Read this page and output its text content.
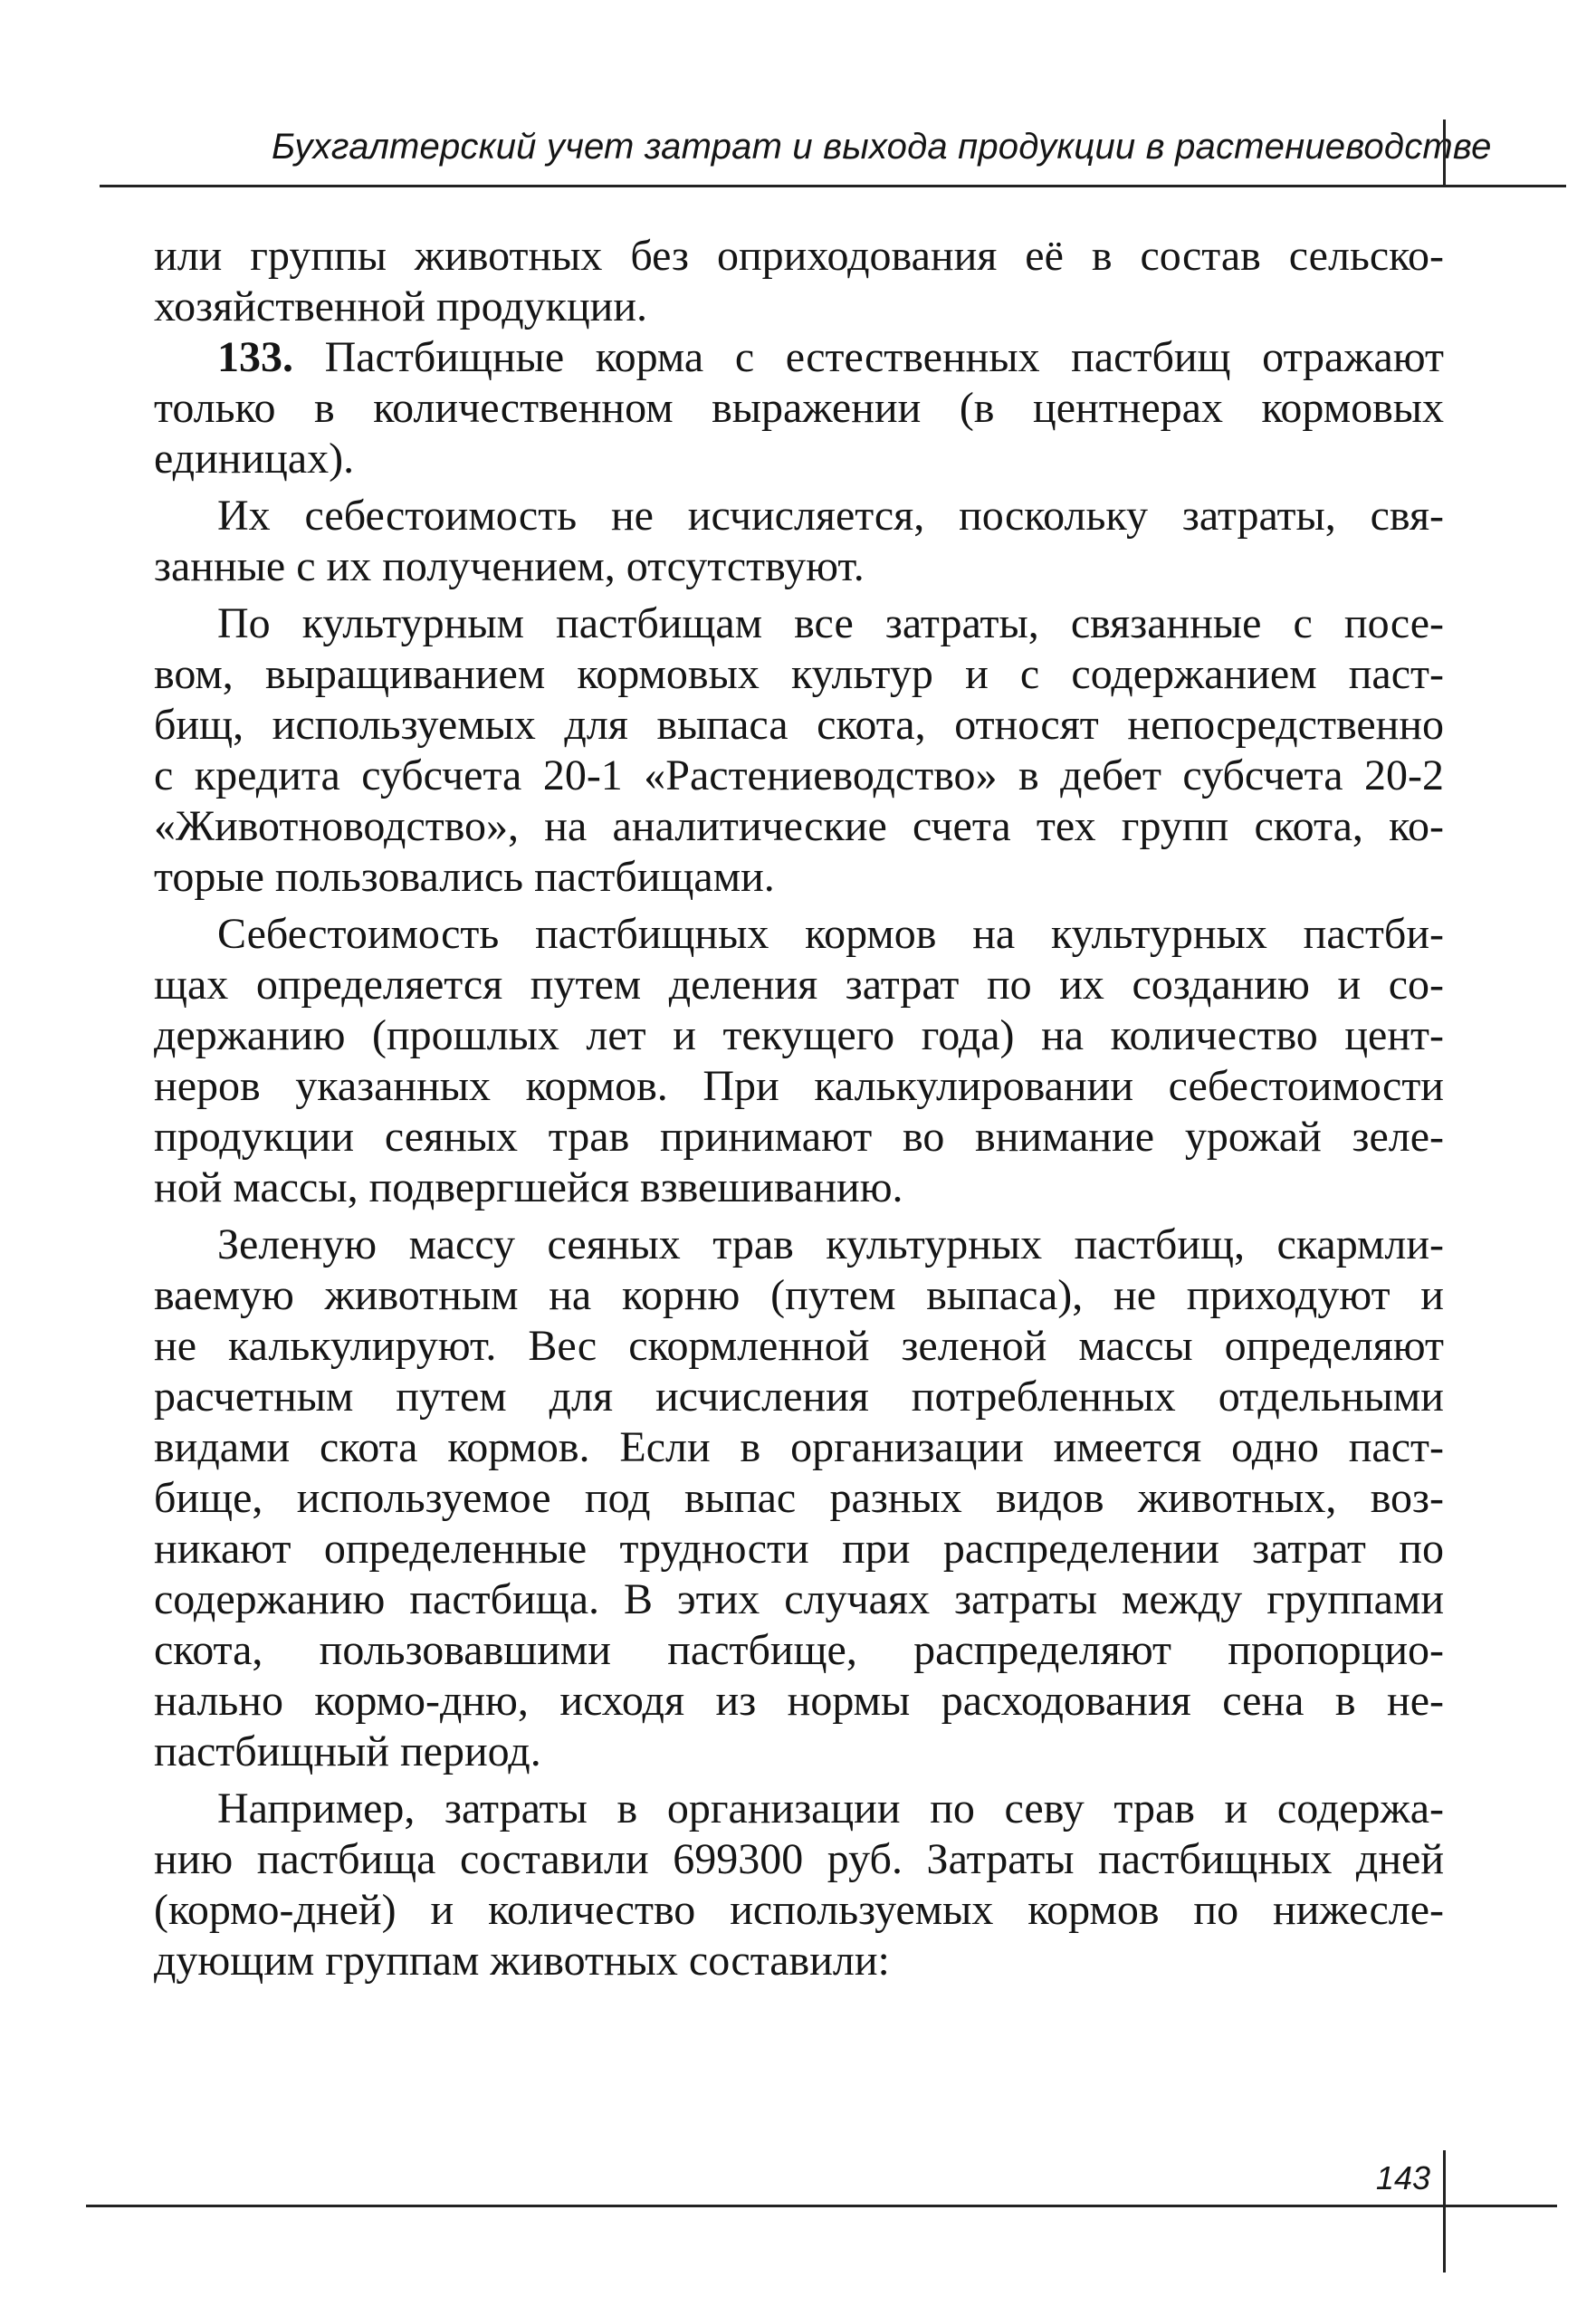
Бухгалтерский учет затрат и выхода продукции в растениеводстве

или группы животных без оприходования её в состав сельско-
хозяйственной продукции.

133. Пастбищные корма с естественных пастбищ отражают
только в количественном выражении (в центнерах кормовых
единицах).

Их себестоимость не исчисляется, поскольку затраты, свя-
занные с их получением, отсутствуют.

По культурным пастбищам все затраты, связанные с посе-
вом, выращиванием кормовых культур и с содержанием паст-
бищ, используемых для выпаса скота, относят непосредственно
с кредита субсчета 20-1 «Растениеводство» в дебет субсчета 20-2
«Животноводство», на аналитические счета тех групп скота, ко-
торые пользовались пастбищами.

Себестоимость пастбищных кормов на культурных пастби-
щах определяется путем деления затрат по их созданию и со-
держанию (прошлых лет и текущего года) на количество цент-
неров указанных кормов. При калькулировании себестоимости
продукции сеяных трав принимают во внимание урожай зеле-
ной массы, подвергшейся взвешиванию.

Зеленую массу сеяных трав культурных пастбищ, скармли-
ваемую животным на корню (путем выпаса), не приходуют и
не калькулируют. Вес скормленной зеленой массы определяют
расчетным путем для исчисления потребленных отдельными
видами скота кормов. Если в организации имеется одно паст-
бище, используемое под выпас разных видов животных, воз-
никают определенные трудности при распределении затрат по
содержанию пастбища. В этих случаях затраты между группами
скота, пользовавшими пастбище, распределяют пропорцио-
нально кормо-дню, исходя из нормы расходования сена в не-
пастбищный период.

Например, затраты в организации по севу трав и содержа-
нию пастбища составили 699300 руб. Затраты пастбищных дней
(кормо-дней) и количество используемых кормов по нижесле-
дующим группам животных составили:

143
